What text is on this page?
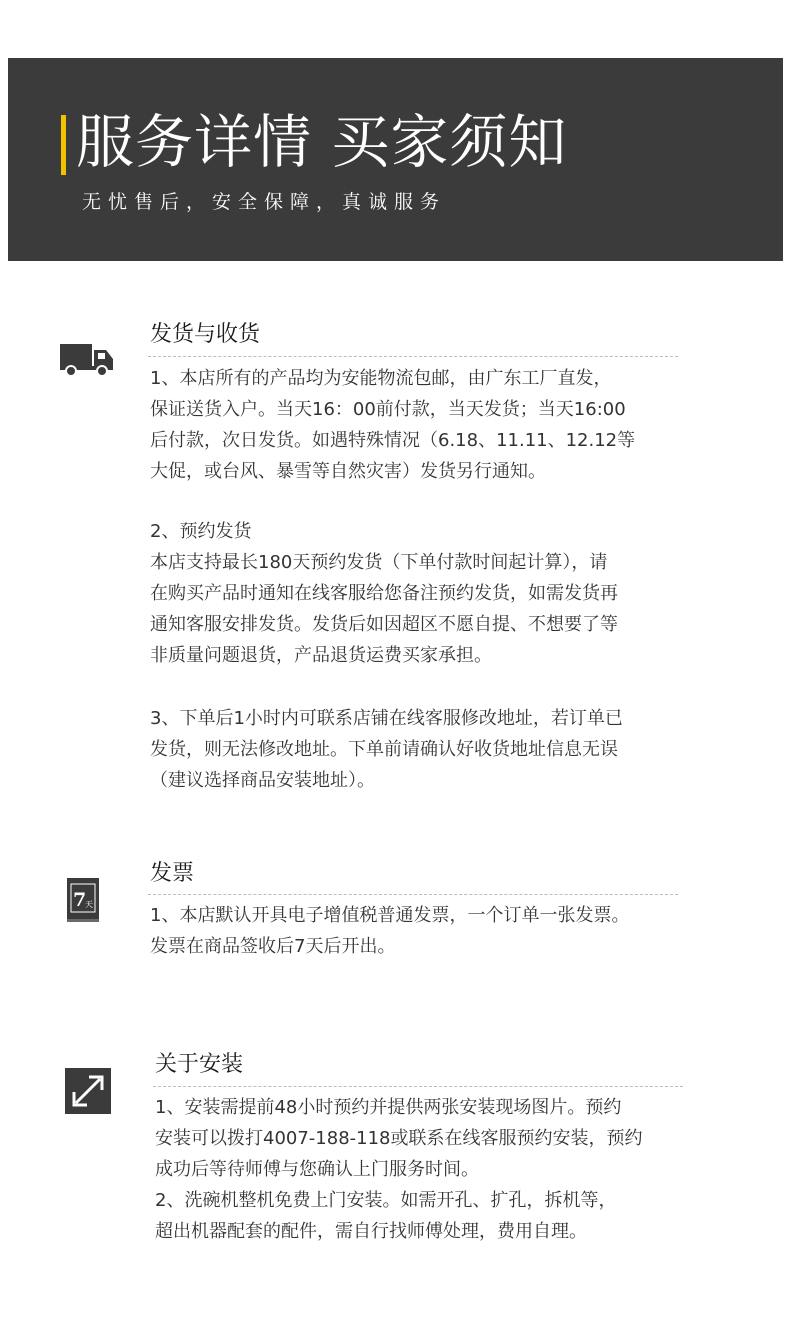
服务详情 买家须知
无忧售后，安全保障，真诚服务
发货与收货

1、本店所有的产品均为安能物流包邮，由广东工厂直发，
保证送货入户。当天16：00前付款，当天发货；当天16:00
后付款，次日发货。如遇特殊情况（6.18、11.11、12.12等
大促，或台风、暴雪等自然灾害）发货另行通知。

2、预约发货
本店支持最长180天预约发货（下单付款时间起计算），请
在购买产品时通知在线客服给您备注预约发货，如需发货再
通知客服安排发货。发货后如因超区不愿自提、不想要了等
非质量问题退货，产品退货运费买家承担。

3、下单后1小时内可联系店铺在线客服修改地址，若订单已
发货，则无法修改地址。下单前请确认好收货地址信息无误
（建议选择商品安装地址）。

7
天
发票

1、本店默认开具电子增值税普通发票，一个订单一张发票。
发票在商品签收后7天后开出。

关于安装

1、安装需提前48小时预约并提供两张安装现场图片。预约
安装可以拨打4007-188-118或联系在线客服预约安装，预约
成功后等待师傅与您确认上门服务时间。
2、洗碗机整机免费上门安装。如需开孔、扩孔，拆机等，
超出机器配套的配件，需自行找师傅处理，费用自理。
